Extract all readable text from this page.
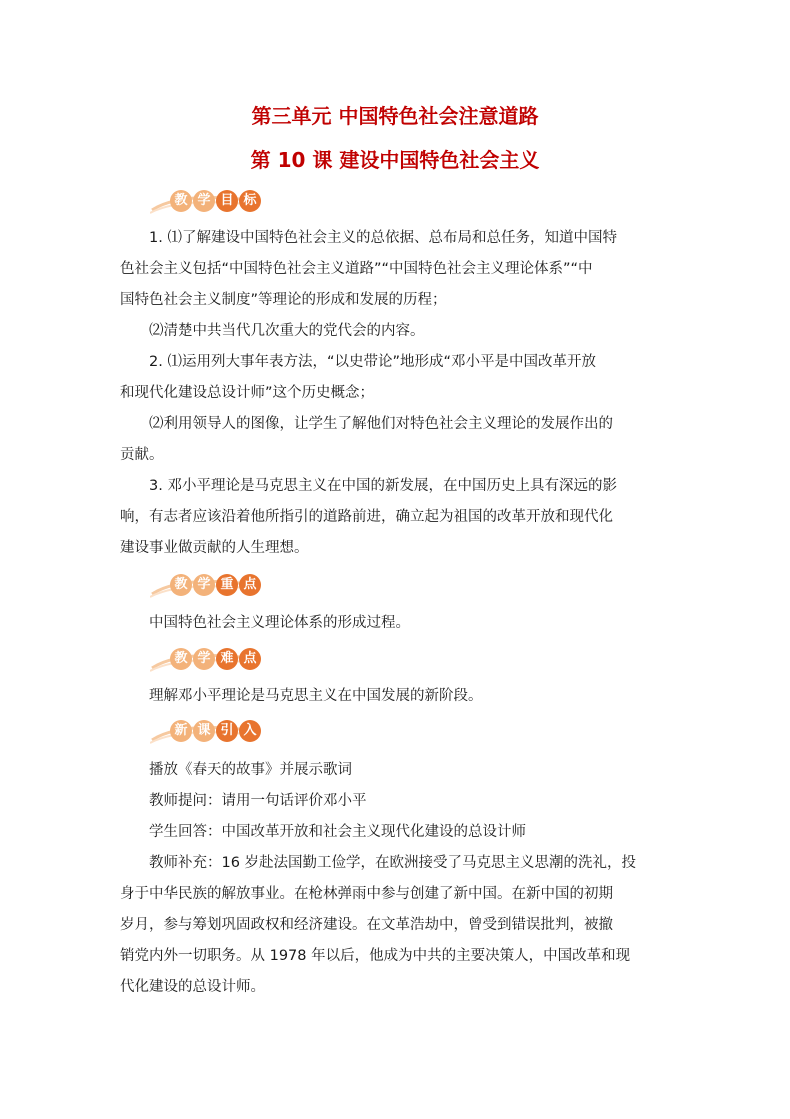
第三单元 中国特色社会注意道路
第 10 课 建设中国特色社会主义
教 学 目 标
1. ⑴了解建设中国特色社会主义的总依据、总布局和总任务，知道中国特
色社会主义包括“中国特色社会主义道路”“中国特色社会主义理论体系”“中
国特色社会主义制度”等理论的形成和发展的历程；
⑵清楚中共当代几次重大的党代会的内容。
2. ⑴运用列大事年表方法，“以史带论”地形成“邓小平是中国改革开放
和现代化建设总设计师”这个历史概念；
⑵利用领导人的图像，让学生了解他们对特色社会主义理论的发展作出的
贡献。
3. 邓小平理论是马克思主义在中国的新发展，在中国历史上具有深远的影
响，有志者应该沿着他所指引的道路前进，确立起为祖国的改革开放和现代化
建设事业做贡献的人生理想。
教 学 重 点
中国特色社会主义理论体系的形成过程。
教 学 难 点
理解邓小平理论是马克思主义在中国发展的新阶段。
新 课 引 入
播放《春天的故事》并展示歌词
教师提问：请用一句话评价邓小平
学生回答：中国改革开放和社会主义现代化建设的总设计师
教师补充：16 岁赴法国勤工俭学，在欧洲接受了马克思主义思潮的洗礼，投
身于中华民族的解放事业。在枪林弹雨中参与创建了新中国。在新中国的初期
岁月，参与筹划巩固政权和经济建设。在文革浩劫中，曾受到错误批判，被撤
销党内外一切职务。从 1978 年以后，他成为中共的主要决策人，中国改革和现
代化建设的总设计师。
